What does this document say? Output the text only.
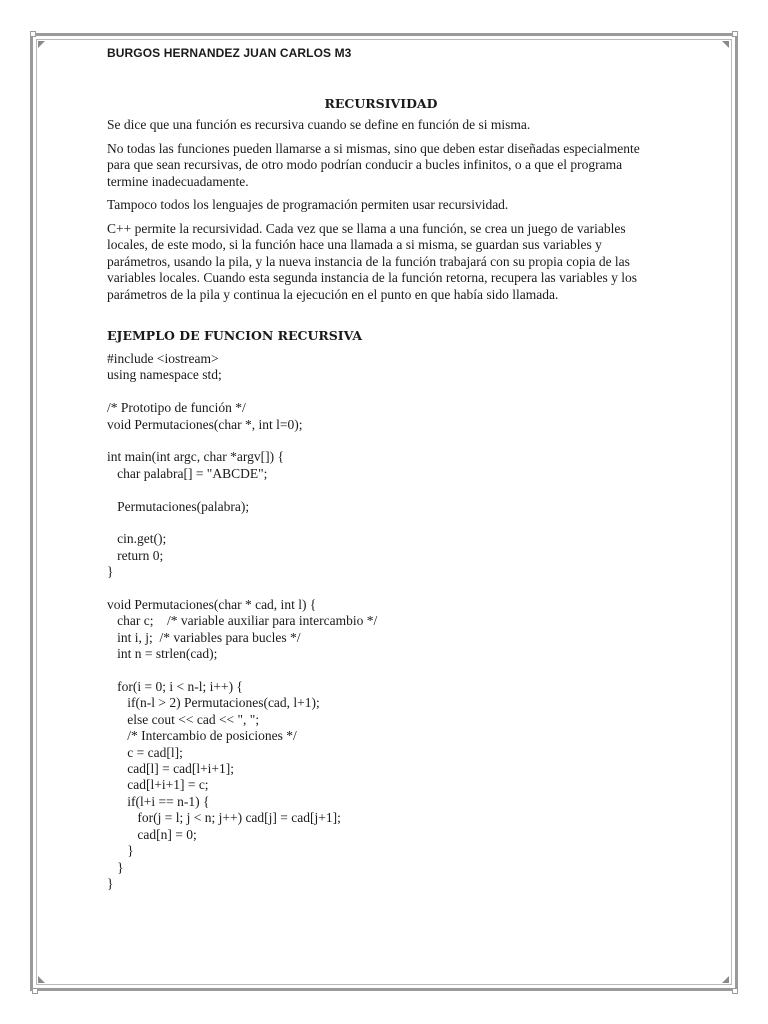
BURGOS HERNANDEZ JUAN CARLOS M3
RECURSIVIDAD

Se dice que una función es recursiva cuando se define en función de si misma.

No todas las funciones pueden llamarse a si mismas, sino que deben estar diseñadas especialmente para que sean recursivas, de otro modo podrían conducir a bucles infinitos, o a que el programa termine inadecuadamente.

Tampoco todos los lenguajes de programación permiten usar recursividad.

C++ permite la recursividad. Cada vez que se llama a una función, se crea un juego de variables locales, de este modo, si la función hace una llamada a si misma, se guardan sus variables y parámetros, usando la pila, y la nueva instancia de la función trabajará con su propia copia de las variables locales. Cuando esta segunda instancia de la función retorna, recupera las variables y los parámetros de la pila y continua la ejecución en el punto en que había sido llamada.

EJEMPLO DE FUNCION RECURSIVA
#include <iostream>
using namespace std;
/* Prototipo de función */
void Permutaciones(char *, int l=0);
int main(int argc, char *argv[]) {
char palabra[] = "ABCDE";
Permutaciones(palabra);
cin.get();
return 0;
}
void Permutaciones(char * cad, int l) {
char c;    /* variable auxiliar para intercambio */
int i, j;  /* variables para bucles */
int n = strlen(cad);
for(i = 0; i < n-l; i++) {
if(n-l > 2) Permutaciones(cad, l+1);
else cout << cad << ", ";
/* Intercambio de posiciones */
c = cad[l];
cad[l] = cad[l+i+1];
cad[l+i+1] = c;
if(l+i == n-1) {
for(j = l; j < n; j++) cad[j] = cad[j+1];
cad[n] = 0;
}
}
}
